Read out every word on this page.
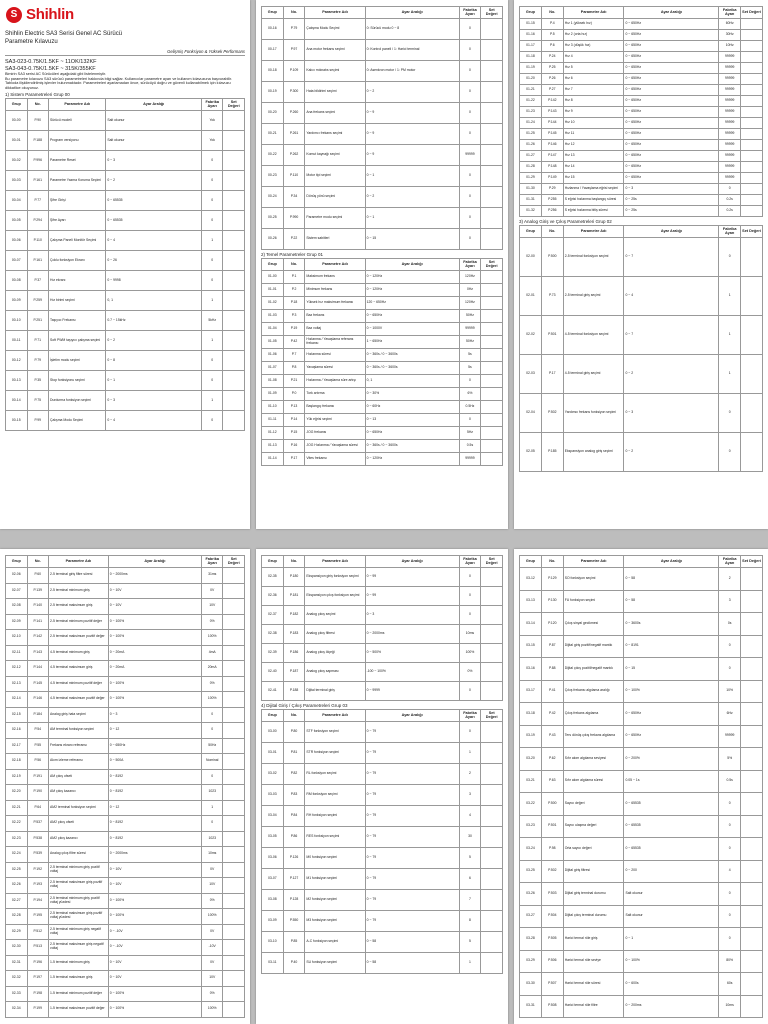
S Shihlin
Shihlin Electric SA3 Serisi Genel AC Sürücü
Parametre Kılavuzu
Gelişmiş Fonksiyon & Yüksek Performans
SA3-023-0.75K/1.5KF ~ 11OK/132KF
SA3-043-0.75K/1.5KF ~ 315K/355KF
Bimirin SA3 serisi AC Sürücüleri aşağıdaki gibi listelenmiştir.
Bu parametre kılavuzu SA3 sürücü parametreleri hakkında bilgi sağlar. Kullanıcılar parametre ayarı ve kullanım kılavuzuna başvurabilir.
Tabloda ilişkilendirilmiş işlevler bulunmaktadır. Parametreleri ayarlamadan önce, sürücüyü doğru ve güvenli kullanabilmek için kılavuzu dikkatlice okuyunuz.
1) Sistem Parametreleri Grup 00
Grup	No.	Parametre Adı	Ayar Aralığı	Fabrika Ayarı	Set Değeri
00-00	P.90	Sürücü modeli	Salt okunur	Yok	
00-01	P.188	Program versiyonu	Salt okunur	Yok	
00-02	P.996	Parametre Reset	0 ~ 3	0	
00-03	P.161	Parametre Yazma Koruma Seçimi	0 ~ 2	0	
00-04	P.77	Şifre Girişi	0 ~ 65535	0	
00-05	P.294	Şifre Ayarı	0 ~ 65535	0	
00-06	P.110	Çalışma Paneli Monitör Seçimi	0 ~ 4	1	
00-07	P.161	Çoklu fonksiyon Ekranı	0 ~ 26	0	
00-08	P.37	Hız ekranı	0 ~ 9998	0	
00-09	P.259	Hız birimi seçimi	0, 1	1	
00-10	P.251	Taşıyıcı Frekansı	0.7 ~ 15kHz	5kHz	
00-11	P.71	Soft PWM taşıyıcı çalışma seçimi	0 ~ 2	1	
00-12	P.79	İşletim modu seçimi	0 ~ 8	0	
00-13	P.35	Stop fonksiyonu seçimi	0 ~ 1	0	
00-14	P.75	Durdurma fonksiyon seçimi	0 ~ 3	1	
00-15	P.99	Çalışma Modu Seçimi	0 ~ 4	0	
Grup	No.	Parametre Adı	Ayar Aralığı	Fabrika Ayarı	Set Değeri
00-16	P.79	Çalışma Modu Seçimi	0: Sürücü modu 0 ~ 8	0	
00-17	P.97	Ana motor frekans seçimi	0: Kontrol paneli / 1: Harici terminal	0	
00-18	P.109	Kalıcı mıknatıs seçimi	0: Asenkron motor / 1: PM motor	0	
00-19	P.300	Hata bildirimi seçimi	0 ~ 2	0	
00-20	P.260	Ana frekans seçimi	0 ~ 9	0	
00-21	P.261	Yardımcı frekans seçimi	0 ~ 9	0	
00-22	P.262	Komut kaynağı seçimi	0 ~ 9	99999	
00-23	P.110	Motor tipi seçimi	0 ~ 1	0	
00-24	P.34	Dönüş yönü seçimi	0 ~ 2	0	
00-25	P.990	Parametre modu seçimi	0 ~ 1	0	
00-26	P.22	Sistem sabitleri	0 ~ 15	0	
2) Temel Parametreler Grup 01
Grup	No.	Parametre Adı	Ayar Aralığı	Fabrika Ayarı	Set Değeri
01-00	P.1	Maksimum frekans	0 ~ 120Hz	120Hz	
01-01	P.2	Minimum frekans	0 ~ 120Hz	0Hz	
01-02	P.18	Yüksek hız maksimum frekansı	120 ~ 650Hz	120Hz	
01-03	P.3	Baz frekans	0 ~ 650Hz	50Hz	
01-04	P.19	Baz voltaj	0 ~ 1000V	99999	
01-05	P.42	Hızlanma / Yavaşlama referans frekansı	1 ~ 650Hz	50Hz	
01-06	P.7	Hızlanma süresi	0 ~ 360s / 0 ~ 3600s	5s	
01-07	P.8	Yavaşlama süresi	0 ~ 360s / 0 ~ 3600s	5s	
01-08	P.21	Hızlanma / Yavaşlama süre artışı	0, 1	0	
01-09	P.0	Tork artırma	0 ~ 30%	6%	
01-10	P.13	Başlangıç frekansı	0 ~ 60Hz	0.5Hz	
01-11	P.14	Yük eğrisi seçimi	0 ~ 13	0	
01-12	P.15	JOG frekansı	0 ~ 650Hz	5Hz	
01-13	P.16	JOG Hızlanma / Yavaşlama süresi	0 ~ 360s / 0 ~ 3600s	0.5s	
01-14	P.17	Vites frekansı	0 ~ 120Hz	99999	
Grup	No.	Parametre Adı	Ayar Aralığı	Fabrika Ayarı	Set Değeri
01-15	P.4	Hız 1 (yüksek hız)	0 ~ 650Hz	60Hz	
01-16	P.5	Hız 2 (orta hız)	0 ~ 650Hz	30Hz	
01-17	P.6	Hız 3 (düşük hız)	0 ~ 650Hz	10Hz	
01-18	P.24	Hız 4	0 ~ 650Hz	99999	
01-19	P.25	Hız 5	0 ~ 650Hz	99999	
01-20	P.26	Hız 6	0 ~ 650Hz	99999	
01-21	P.27	Hız 7	0 ~ 650Hz	99999	
01-22	P.142	Hız 8	0 ~ 650Hz	99999	
01-23	P.143	Hız 9	0 ~ 650Hz	99999	
01-24	P.144	Hız 10	0 ~ 650Hz	99999	
01-25	P.145	Hız 11	0 ~ 650Hz	99999	
01-26	P.146	Hız 12	0 ~ 650Hz	99999	
01-27	P.147	Hız 13	0 ~ 650Hz	99999	
01-28	P.148	Hız 14	0 ~ 650Hz	99999	
01-29	P.149	Hız 15	0 ~ 650Hz	99999	
01-30	P.29	Hızlanma / Yavaşlama eğrisi seçimi	0 ~ 3	0	
01-31	P.255	S eğrisi hızlanma başlangıç süresi	0 ~ 25s	0.2s	
01-32	P.256	S eğrisi hızlanma bitiş süresi	0 ~ 25s	0.2s	
3) Analog Giriş ve Çıkış Parametreleri Grup 02
Grup	No.	Parametre Adı	Ayar Aralığı	Fabrika Ayarı	Set Değeri
02-00	P.500	2-5 terminal fonksiyon seçimi	0 ~ 7	0	
02-01	P.73	2-5 terminal giriş seçimi	0 ~ 4	1	
02-02	P.501	4-5 terminal fonksiyon seçimi	0 ~ 7	1	
02-03	P.17	4-5 terminal giriş seçimi	0 ~ 2	1	
02-04	P.502	Yardımcı frekans fonksiyon seçimi	0 ~ 3	0	
02-05	P.185	Ekspansiyon analog giriş seçimi	0 ~ 2	0	
Grup	No.	Parametre Adı	Ayar Aralığı	Fabrika Ayarı	Set Değeri
02-06	P.60	2-5 terminal giriş filtre süresi	0 ~ 2000ms	31ms	
02-07	P.139	2-5 terminal minimum giriş	0 ~ 10V	0V	
02-08	P.140	2-5 terminal maksimum giriş	0 ~ 10V	10V	
02-09	P.141	2-5 terminal minimum pozitif değer	0 ~ 100%	0%	
02-10	P.142	2-5 terminal maksimum pozitif değer	0 ~ 100%	100%	
02-11	P.143	4-5 terminal minimum giriş	0 ~ 20mA	4mA	
02-12	P.144	4-5 terminal maksimum giriş	0 ~ 20mA	20mA	
02-13	P.145	4-5 terminal minimum pozitif değer	0 ~ 100%	0%	
02-14	P.146	4-5 terminal maksimum pozitif değer	0 ~ 100%	100%	
02-15	P.184	Analog giriş hata seçimi	0 ~ 3	0	
02-16	P.54	AM terminal fonksiyon seçimi	0 ~ 12	0	
02-17	P.55	Frekans ekranı referansı	0 ~ 650Hz	50Hz	
02-18	P.56	Akım izleme referansı	0 ~ 500A	Nominal	
02-19	P.191	AM çıkış ofseti	0 ~ 8192	0	
02-20	P.190	AM çıkış kazancı	0 ~ 8192	1023	
02-21	P.64	AM2 terminal fonksiyon seçimi	0 ~ 12	1	
02-22	P.537	AM2 çıkış ofseti	0 ~ 8192	0	
02-23	P.538	AM2 çıkış kazancı	0 ~ 8192	1023	
02-24	P.539	Analog çıkış filtre süresi	0 ~ 2000ms	10ms	
02-25	P.192	2-5 terminal minimum giriş pozitif voltaj	0 ~ 10V	0V	
02-26	P.193	2-5 terminal maksimum giriş pozitif voltaj	0 ~ 10V	10V	
02-27	P.194	2-5 terminal minimum giriş pozitif voltaj yüzdesi	0 ~ 100%	0%	
02-28	P.195	2-5 terminal maksimum giriş pozitif voltaj yüzdesi	0 ~ 100%	100%	
02-29	P.512	2-5 terminal minimum giriş negatif voltaj	0 ~ -10V	0V	
02-30	P.513	2-5 terminal maksimum giriş negatif voltaj	0 ~ -10V	-10V	
02-31	P.196	1-5 terminal minimum giriş	0 ~ 10V	0V	
02-32	P.197	1-5 terminal maksimum giriş	0 ~ 10V	10V	
02-33	P.198	1-5 terminal minimum pozitif değer	0 ~ 100%	0%	
02-34	P.199	1-5 terminal maksimum pozitif değer	0 ~ 100%	100%	
Grup	No.	Parametre Adı	Ayar Aralığı	Fabrika Ayarı	Set Değeri
02-35	P.180	Ekspansiyon giriş fonksiyon seçimi	0 ~ 99	0	
02-36	P.181	Ekspansiyon çıkış fonksiyon seçimi	0 ~ 99	0	
02-37	P.182	Analog çıkış seçimi	0 ~ 3	0	
02-38	P.183	Analog çıkış filtresi	0 ~ 2000ms	10ms	
02-39	P.186	Analog çıkış ölçeği	0 ~ 500%	100%	
02-40	P.187	Analog çıkış sapması	-100 ~ 100%	0%	
02-41	P.188	Dijital terminal giriş	0 ~ 9999	0	
4) Dijital Giriş / Çıkış Parametreleri Grup 03
Grup	No.	Parametre Adı	Ayar Aralığı	Fabrika Ayarı	Set Değeri
03-00	P.80	STF fonksiyon seçimi	0 ~ 79	0	
03-01	P.81	STR fonksiyon seçimi	0 ~ 79	1	
03-02	P.82	RL fonksiyon seçimi	0 ~ 79	2	
03-03	P.83	RM fonksiyon seçimi	0 ~ 79	3	
03-04	P.84	RH fonksiyon seçimi	0 ~ 79	4	
03-05	P.86	RES fonksiyon seçimi	0 ~ 79	30	
03-06	P.126	M0 fonksiyon seçimi	0 ~ 79	5	
03-07	P.127	M1 fonksiyon seçimi	0 ~ 79	6	
03-08	P.128	M2 fonksiyon seçimi	0 ~ 79	7	
03-09	P.550	M3 fonksiyon seçimi	0 ~ 79	8	
03-10	P.85	A-C fonksiyon seçimi	0 ~ 58	5	
03-11	P.40	SU fonksiyon seçimi	0 ~ 58	1	
Grup	No.	Parametre Adı	Ayar Aralığı	Fabrika Ayarı	Set Değeri
03-12	P.129	SO fonksiyon seçimi	0 ~ 58	2	
03-13	P.130	FU fonksiyon seçimi	0 ~ 58	3	
03-14	P.120	Çıkış sinyal gecikmesi	0 ~ 3600s	0s	
03-15	P.87	Dijital giriş pozitif/negatif mantık	0 ~ 8191	0	
03-16	P.88	Dijital çıkış pozitif/negatif mantık	0 ~ 15	0	
03-17	P.41	Çıkış frekansı algılama aralığı	0 ~ 100%	10%	
03-18	P.42	Çıkış frekans algılama	0 ~ 650Hz	6Hz	
03-19	P.43	Ters dönüş çıkış frekans algılama	0 ~ 650Hz	99999	
03-20	P.62	Sıfır akım algılama seviyesi	0 ~ 200%	5%	
03-21	P.63	Sıfır akım algılama süresi	0.05 ~ 1s	0.5s	
03-22	P.500	Sayıcı değeri	0 ~ 65535	0	
03-23	P.501	Sayıcı ulaşma değeri	0 ~ 65535	0	
03-24	P.98	Orta sayıcı değeri	0 ~ 65535	0	
03-25	P.502	Dijital giriş filtresi	0 ~ 200	4	
03-26	P.503	Dijital giriş terminal durumu	Salt okunur	0	
03-27	P.504	Dijital çıkış terminal durumu	Salt okunur	0	
03-28	P.505	Harici termal röle giriş	0 ~ 1	0	
03-29	P.506	Harici termal röle seviye	0 ~ 100%	80%	
03-30	P.507	Harici termal röle süresi	0 ~ 600s	60s	
03-31	P.508	Harici termal röle filtre	0 ~ 200ms	10ms	
